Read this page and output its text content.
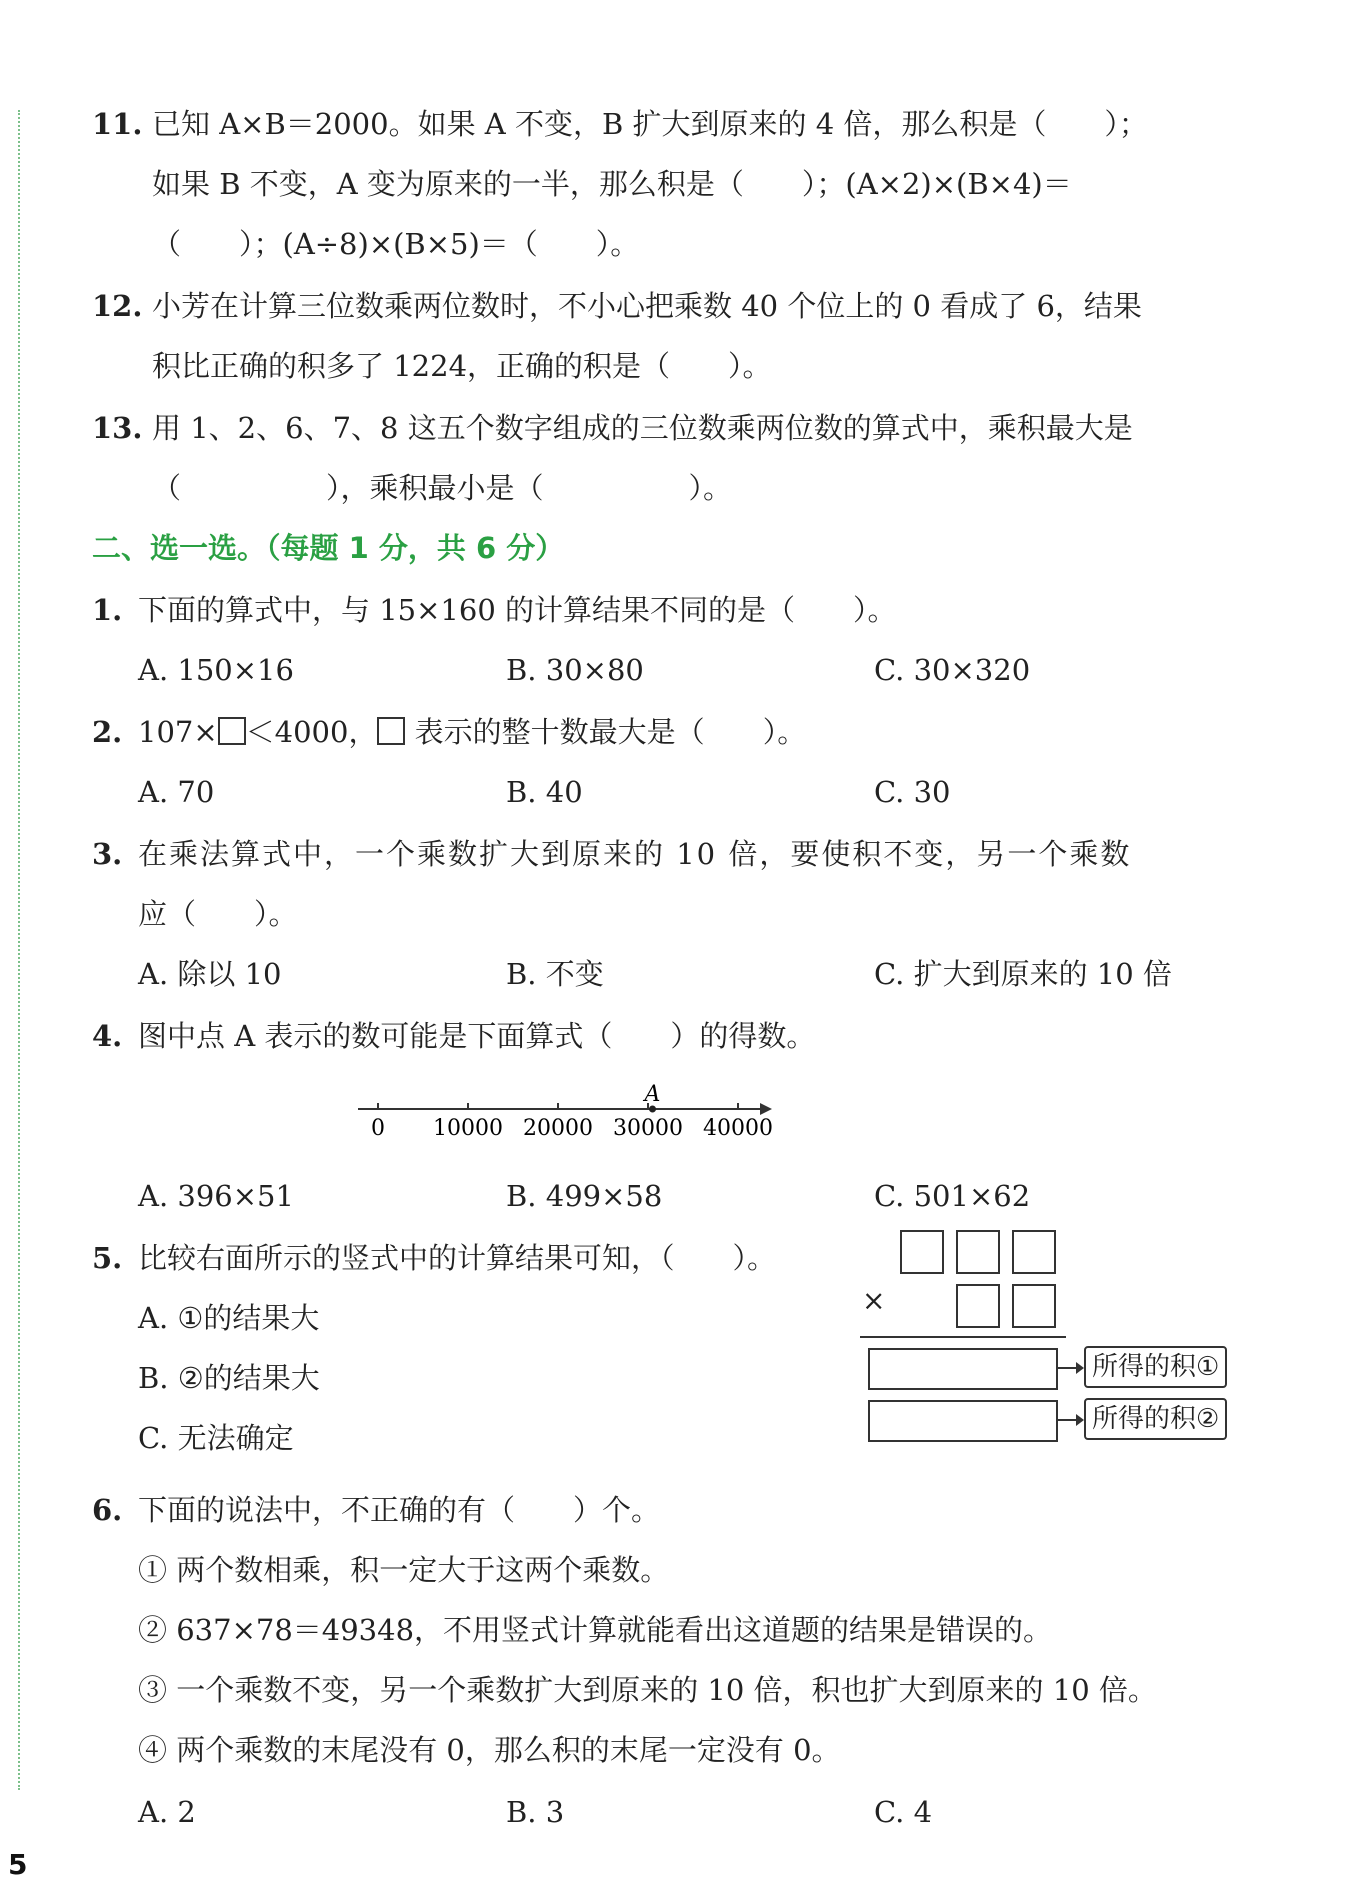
11. 已知 A×B＝2000。如果 A 不变，B 扩大到原来的 4 倍，那么积是（　　）；
如果 B 不变，A 变为原来的一半，那么积是（　　）；(A×2)×(B×4)＝
（　　）；(A÷8)×(B×5)＝（　　）。
12. 小芳在计算三位数乘两位数时，不小心把乘数 40 个位上的 0 看成了 6，结果
积比正确的积多了 1224，正确的积是（　　）。
13. 用 1、2、6、7、8 这五个数字组成的三位数乘两位数的算式中，乘积最大是
（　　　　　），乘积最小是（　　　　　）。
二、选一选。（每题 1 分，共 6 分）
1. 下面的算式中，与 15×160 的计算结果不同的是（　　）。
A. 150×16	B. 30×80	C. 30×320
2. 107× ＜4000， 表示的整十数最大是（　　）。
A. 70	B. 40	C. 30
3. 在乘法算式中，一个乘数扩大到原来的 10 倍，要使积不变，另一个乘数
应（　　）。
A. 除以 10	B. 不变	C. 扩大到原来的 10 倍
4. 图中点 A 表示的数可能是下面算式（　　）的得数。
A. 396×51	B. 499×58	C. 501×62
5. 比较右面所示的竖式中的计算结果可知，（　　）。
A. ①的结果大
B. ②的结果大
C. 无法确定
6. 下面的说法中，不正确的有（　　）个。
① 两个数相乘，积一定大于这两个乘数。
② 637×78＝49348，不用竖式计算就能看出这道题的结果是错误的。
③ 一个乘数不变，另一个乘数扩大到原来的 10 倍，积也扩大到原来的 10 倍。
④ 两个乘数的末尾没有 0，那么积的末尾一定没有 0。
A. 2	B. 3	C. 4
0 10000 20000 30000 40000
A
×
所得的积①
所得的积②
5
